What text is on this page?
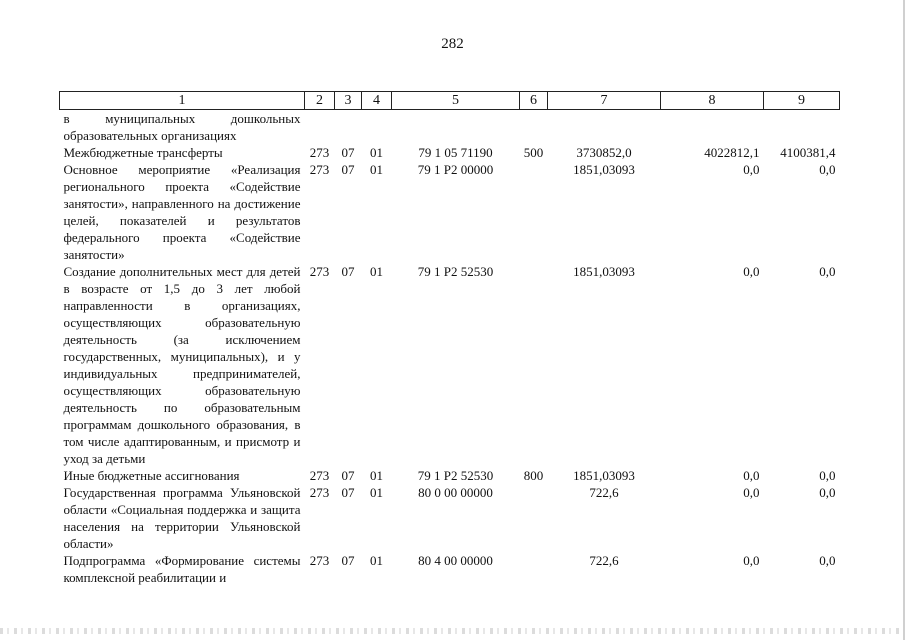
282
1	2	3	4	5	6	7	8	9
в муниципальных дошкольных образовательных организациях								
Межбюджетные трансферты	273	07	01	79 1 05 71190	500	3730852,0	4022812,1	4100381,4
Основное мероприятие «Реализация регионального проекта «Содействие занятости», направленного на достижение целей, показателей и результатов федерального проекта «Содействие занятости»	273	07	01	79 1 Р2 00000		1851,03093	0,0	0,0
Создание дополнительных мест для детей в возрасте от 1,5 до 3 лет любой направленности в организациях, осуществляющих образовательную деятельность (за исключением государственных, муниципальных), и у индивидуальных предпринимателей, осуществляющих образовательную деятельность по образовательным программам дошкольного образования, в том числе адаптированным, и присмотр и уход за детьми	273	07	01	79 1 Р2 52530		1851,03093	0,0	0,0
Иные бюджетные ассигнования	273	07	01	79 1 Р2 52530	800	1851,03093	0,0	0,0
Государственная программа Ульяновской области «Социальная поддержка и защита населения на территории Ульяновской области»	273	07	01	80 0 00 00000		722,6	0,0	0,0
Подпрограмма «Формирование системы комплексной реабилитации и	273	07	01	80 4 00 00000		722,6	0,0	0,0
